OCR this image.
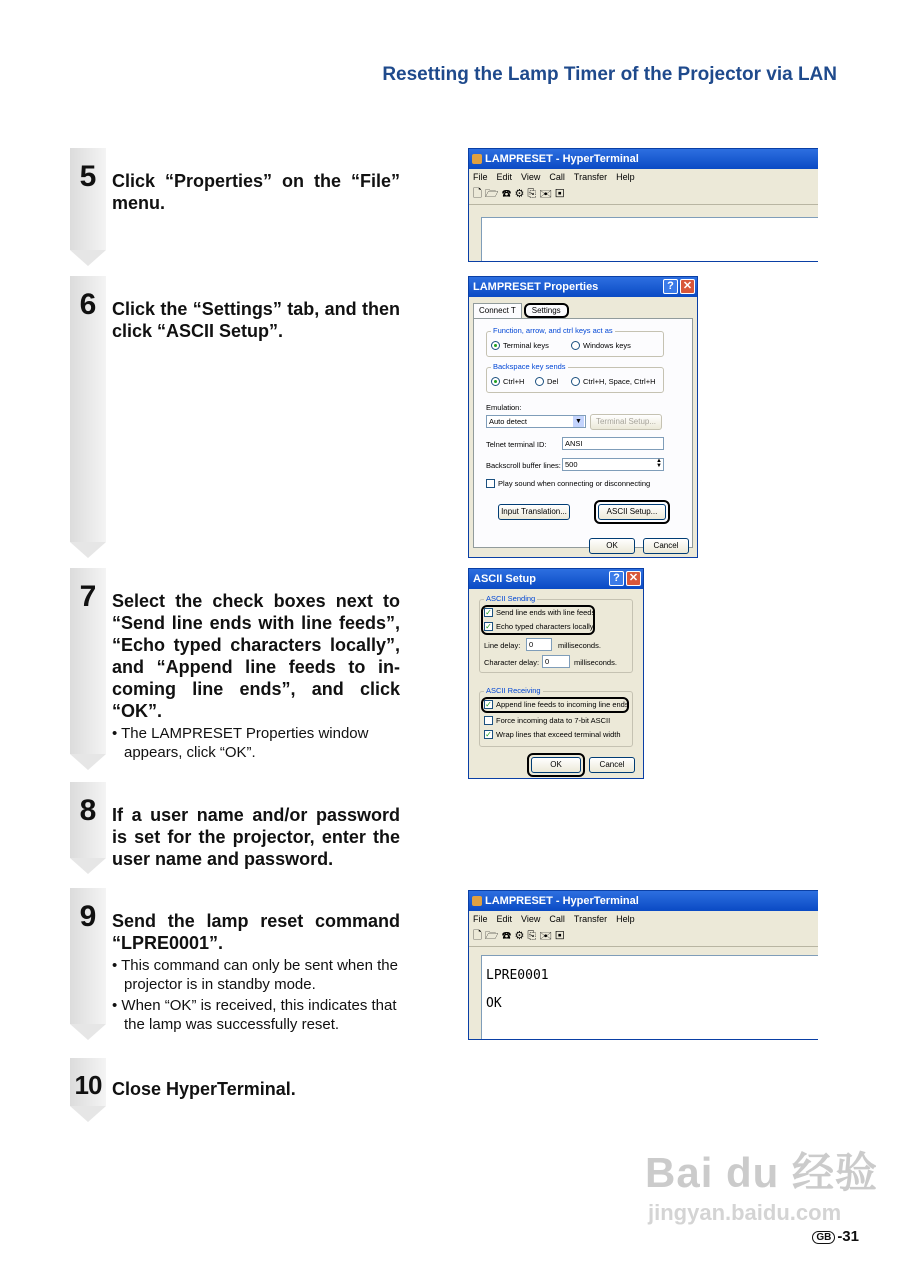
Resetting the Lamp Timer of the Projector via LAN
5 Click “Properties” on the “File” menu.
6 Click the “Settings” tab, and then click “ASCII Setup”.
7 Select the check boxes next to “Send line ends with line feeds”, “Echo typed characters locally”, and “Append line feeds to in-coming line ends”, and click “OK”.
• The LAMPRESET Properties window appears, click “OK”.
8 If a user name and/or password is set for the projector, enter the user name and password.
9 Send the lamp reset command “LPRE0001”.
• This command can only be sent when the projector is in standby mode.
• When “OK” is received, this indicates that the lamp was successfully reset.
10 Close HyperTerminal.
LAMPRESET - HyperTerminal
File Edit View Call Transfer Help
🗋 🗁 ☎ ⚙ ⎘ ✉ ▣
LAMPRESET Properties	? ✕
Connect T	Settings
Function, arrow, and ctrl keys act as
Terminal keys	Windows keys
Backspace key sends
Ctrl+H	Del	Ctrl+H, Space, Ctrl+H
Emulation:
Auto detect	▼	Terminal Setup...
Telnet terminal ID:	ANSI
Backscroll buffer lines: 500	▲
▼
Play sound when connecting or disconnecting
Input Translation...	ASCII Setup...
OK	Cancel
ASCII Setup	? ✕
ASCII Sending
✓ Send line ends with line feeds
✓ Echo typed characters locally
Line delay:	0	milliseconds.
Character delay: 0	milliseconds.
ASCII Receiving
✓ Append line feeds to incoming line ends
Force incoming data to 7-bit ASCII
✓ Wrap lines that exceed terminal width
OK	Cancel
LAMPRESET - HyperTerminal
File Edit View Call Transfer Help
🗋 🗁 ☎ ⚙ ⎘ ✉ ▣
LPRE0001
OK
Bai du 经验
jingyan.baidu.com
GB -31
